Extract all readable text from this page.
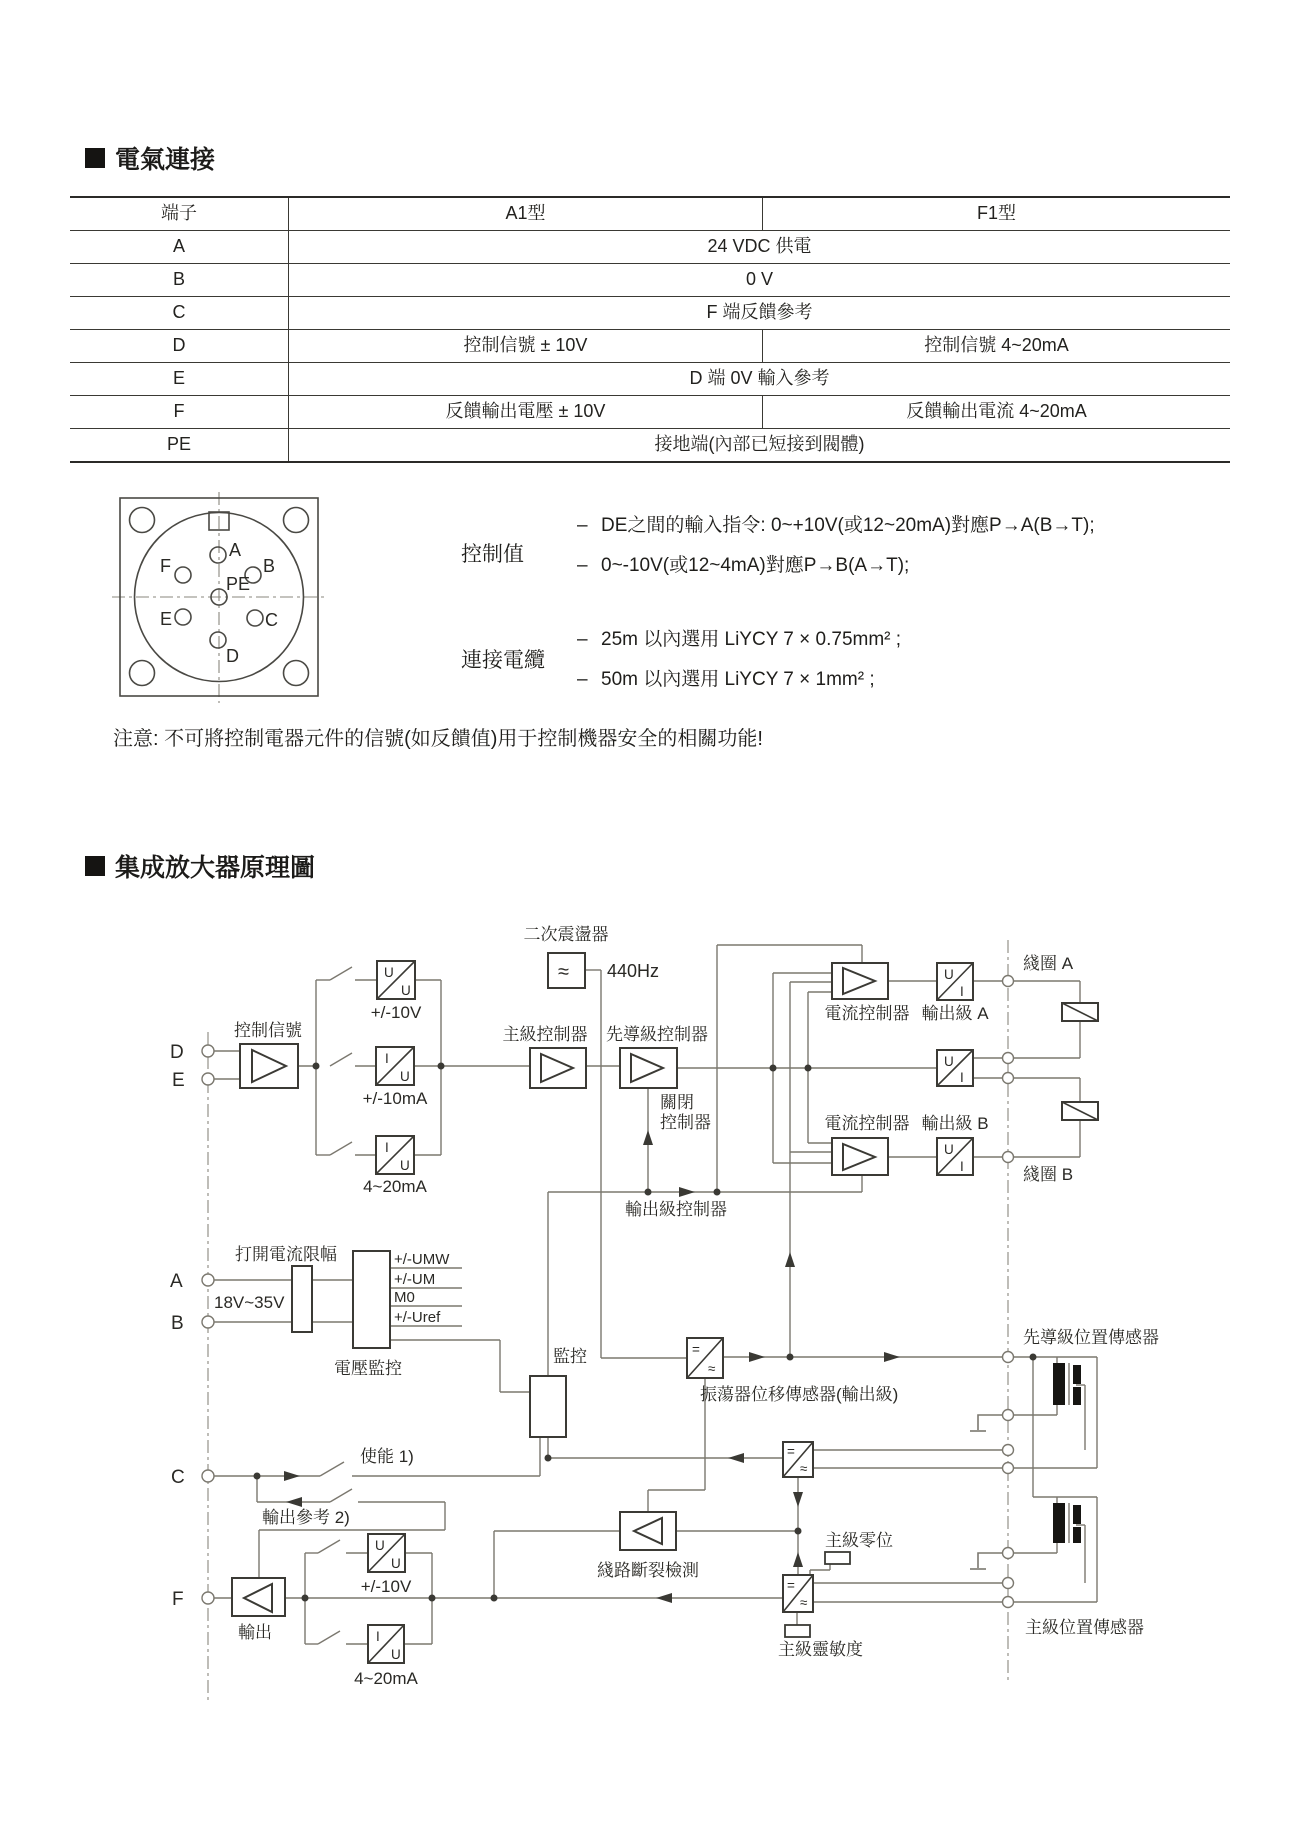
電氣連接
端子	A1型	F1型
A	24 VDC 供電
B	0 V
C	F 端反饋參考
D	控制信號 ± 10V	控制信號 4~20mA
E	D 端 0V 輸入參考
F	反饋輸出電壓 ± 10V	反饋輸出電流 4~20mA
PE	接地端(內部已短接到閥體)
控制值
– DE之間的輸入指令: 0~+10V(或12~20mA)對應P→A(B→T);
– 0~-10V(或12~4mA)對應P→B(A→T);
連接電纜
– 25m 以內選用 LiYCY 7 × 0.75mm² ;
– 50m 以內選用 LiYCY 7 × 1mm² ;
注意: 不可將控制電器元件的信號(如反饋值)用于控制機器安全的相關功能!
集成放大器原理圖
A
B
C
D
E
F
PE
U
U
I
U
I
U
≈	U
I
U
I
U
I
U
U
I
U
=
≈
=
≈
=
≈
D
E
A
B
C
F
二次震盪器
440Hz
控制信號
+/-10V
+/-10mA
4~20mA
主級控制器 先導級控制器
關閉
控制器
電流控制器 輸出級 A
電流控制器 輸出級 B
綫圈 A
綫圈 B
輸出級控制器
打開電流限幅
18V~35V
+/-UMW
+/-UM
M0
+/-Uref
電壓監控
監控
使能 1)
輸出參考 2)
輸出
+/-10V
4~20mA
綫路斷裂檢測
振蕩器位移傳感器(輸出級)
先導級位置傳感器
主級零位
主級靈敏度
主級位置傳感器
